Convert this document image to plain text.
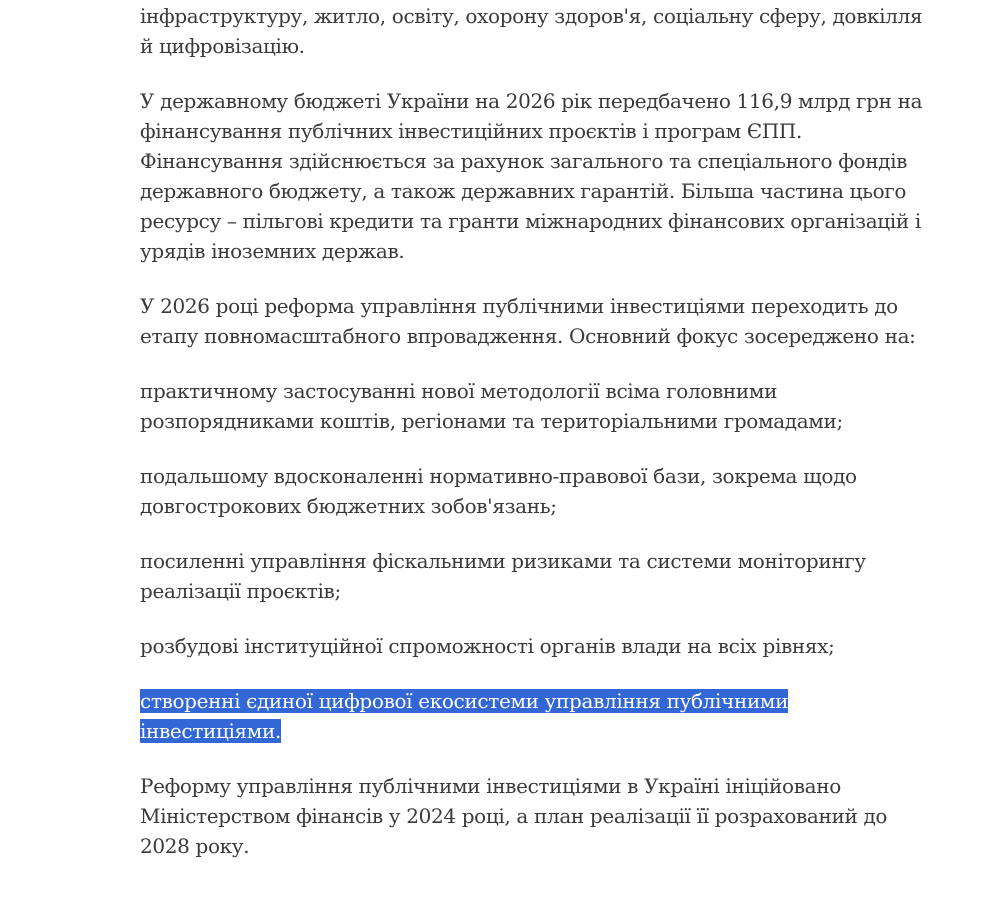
інфраструктуру, житло, освіту, охорону здоров'я, соціальну сферу, довкілля й цифровізацію.

У державному бюджеті України на 2026 рік передбачено 116,9 млрд грн на фінансування публічних інвестиційних проєктів і програм ЄПП. Фінансування здійснюється за рахунок загального та спеціального фондів державного бюджету, а також державних гарантій. Більша частина цього ресурсу – пільгові кредити та гранти міжнародних фінансових організацій і урядів іноземних держав.

У 2026 році реформа управління публічними інвестиціями переходить до етапу повномасштабного впровадження. Основний фокус зосереджено на:

практичному застосуванні нової методології всіма головними розпорядниками коштів, регіонами та територіальними громадами;

подальшому вдосконаленні нормативно-правової бази, зокрема щодо довгострокових бюджетних зобов'язань;

посиленні управління фіскальними ризиками та системи моніторингу реалізації проєктів;

розбудові інституційної спроможності органів влади на всіх рівнях;

створенні єдиної цифрової екосистеми управління публічними інвестиціями.

Реформу управління публічними інвестиціями в Україні ініційовано Міністерством фінансів у 2024 році, а план реалізації її розрахований до 2028 року.
